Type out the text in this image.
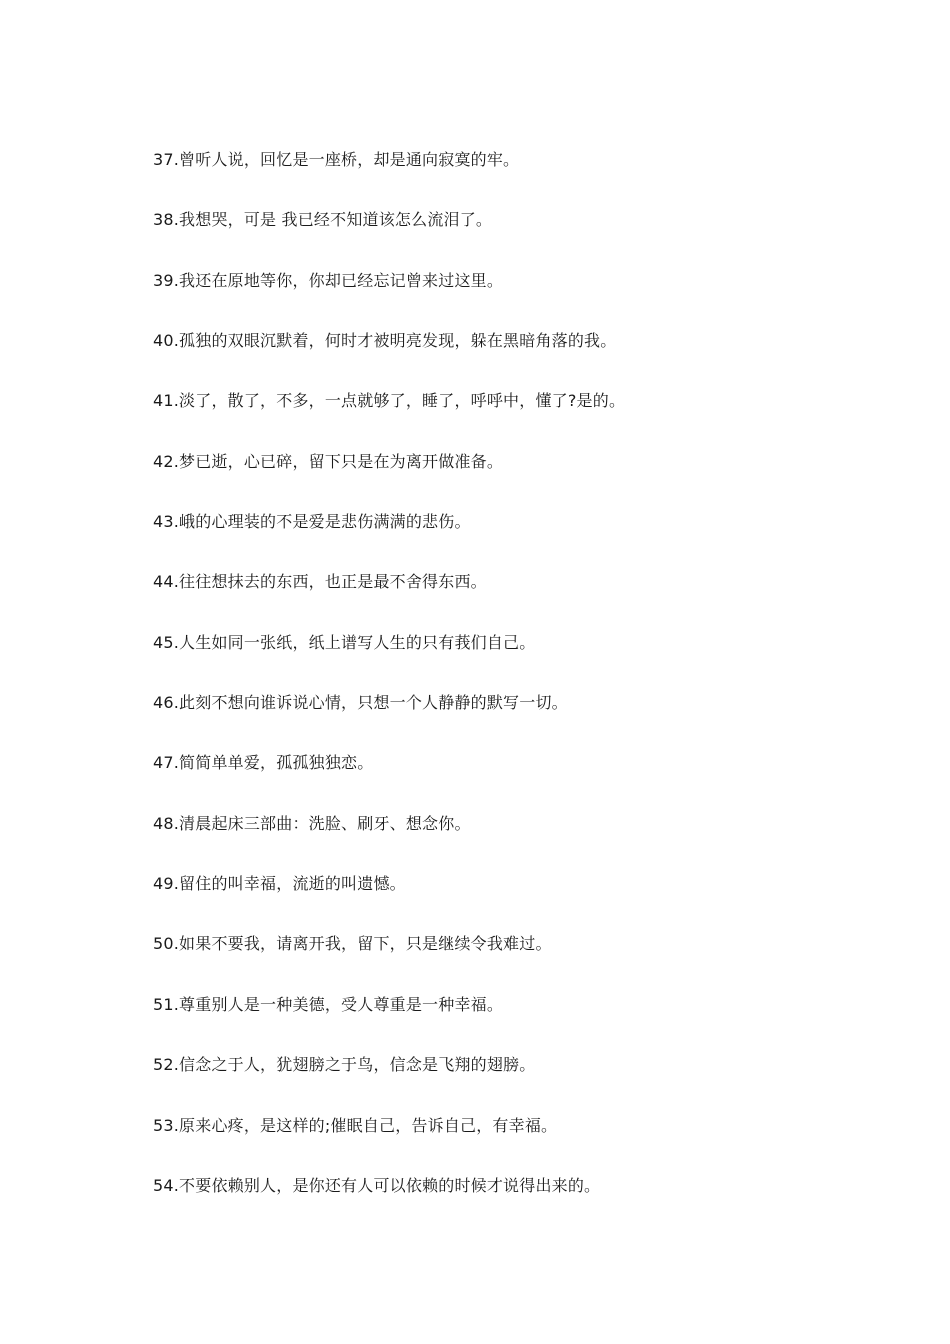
37.曾听人说，回忆是一座桥，却是通向寂寞的牢。
38.我想哭，可是 我已经不知道该怎么流泪了。
39.我还在原地等你，你却已经忘记曾来过这里。
40.孤独的双眼沉默着，何时才被明亮发现，躲在黑暗角落的我。
41.淡了，散了，不多，一点就够了，睡了，呼呼中，懂了?是的。
42.梦已逝，心已碎，留下只是在为离开做准备。
43.峨的心理装的不是爱是悲伤满满的悲伤。
44.往往想抹去的东西，也正是最不舍得东西。
45.人生如同一张纸，纸上谱写人生的只有莪们自己。
46.此刻不想向谁诉说心情，只想一个人静静的默写一切。
47.简简单单爱，孤孤独独恋。
48.清晨起床三部曲：洗脸、刷牙、想念你。
49.留住的叫幸福，流逝的叫遗憾。
50.如果不要我，请离开我，留下，只是继续令我难过。
51.尊重别人是一种美德，受人尊重是一种幸福。
52.信念之于人，犹翅膀之于鸟，信念是飞翔的翅膀。
53.原来心疼，是这样的;催眠自己，告诉自己，有幸福。
54.不要依赖别人，是你还有人可以依赖的时候才说得出来的。
